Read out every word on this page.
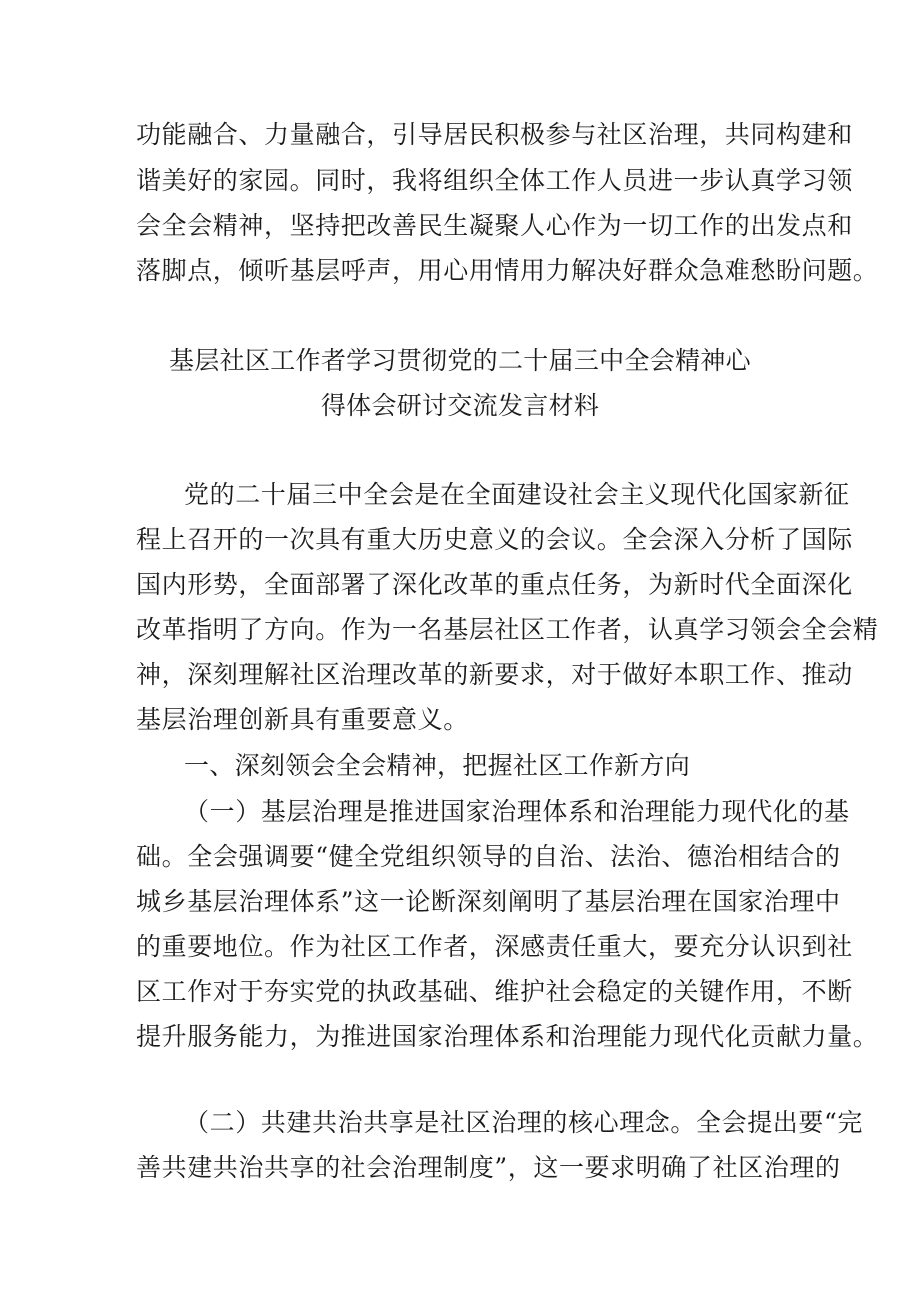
功能融合、力量融合，引导居民积极参与社区治理，共同构建和
谐美好的家园。同时，我将组织全体工作人员进一步认真学习领
会全会精神，坚持把改善民生凝聚人心作为一切工作的出发点和
落脚点，倾听基层呼声，用心用情用力解决好群众急难愁盼问题。
基层社区工作者学习贯彻党的二十届三中全会精神心
得体会研讨交流发言材料
党的二十届三中全会是在全面建设社会主义现代化国家新征
程上召开的一次具有重大历史意义的会议。全会深入分析了国际
国内形势，全面部署了深化改革的重点任务，为新时代全面深化
改革指明了方向。作为一名基层社区工作者，认真学习领会全会精
神，深刻理解社区治理改革的新要求，对于做好本职工作、推动
基层治理创新具有重要意义。
一、深刻领会全会精神，把握社区工作新方向
（一）基层治理是推进国家治理体系和治理能力现代化的基
础。全会强调要“健全党组织领导的自治、法治、德治相结合的
城乡基层治理体系”这一论断深刻阐明了基层治理在国家治理中
的重要地位。作为社区工作者，深感责任重大，要充分认识到社
区工作对于夯实党的执政基础、维护社会稳定的关键作用，不断
提升服务能力，为推进国家治理体系和治理能力现代化贡献力量。
（二）共建共治共享是社区治理的核心理念。全会提出要“完
善共建共治共享的社会治理制度”，这一要求明确了社区治理的
